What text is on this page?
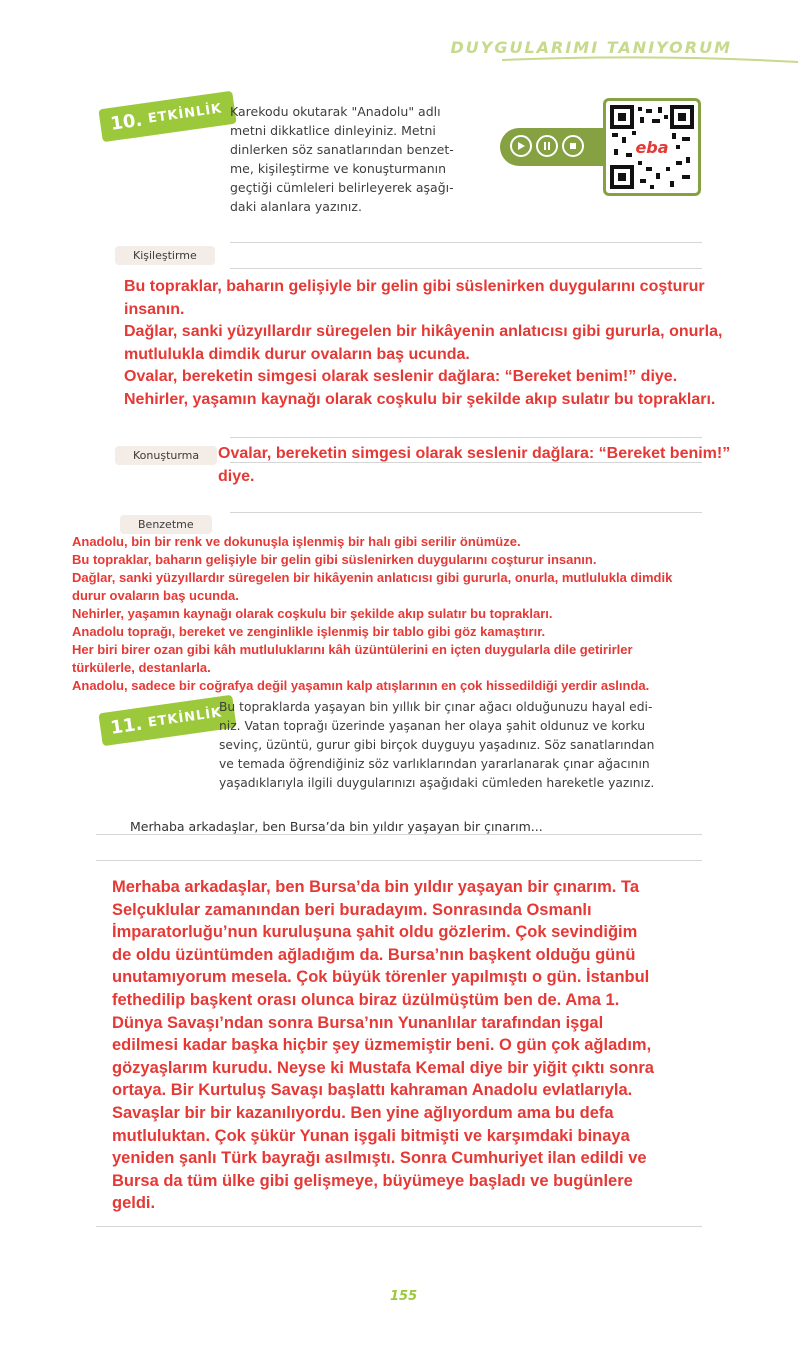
DUYGULARIMI TANIYORUM
10. ETKİNLİK Karekodu okutarak "Anadolu" adlı
metni dikkatlice dinleyiniz. Metni
dinlerken söz sanatlarından benzet-
me, kişileştirme ve konuşturmanın
geçtiği cümleleri belirleyerek aşağı-
daki alanlara yazınız.
eba
Kişileştirme
Bu topraklar, baharın gelişiyle bir gelin gibi süslenirken duygularını coşturur
insanın.
Dağlar, sanki yüzyıllardır süregelen bir hikâyenin anlatıcısı gibi gururla, onurla,
mutlulukla dimdik durur ovaların baş ucunda.
Ovalar, bereketin simgesi olarak seslenir dağlara: “Bereket benim!” diye.
Nehirler, yaşamın kaynağı olarak coşkulu bir şekilde akıp sulatır bu toprakları.
Konuşturma	Ovalar, bereketin simgesi olarak seslenir dağlara: “Bereket benim!”
diye.
Benzetme
Anadolu, bin bir renk ve dokunuşla işlenmiş bir halı gibi serilir önümüze.
Bu topraklar, baharın gelişiyle bir gelin gibi süslenirken duygularını coşturur insanın.
Dağlar, sanki yüzyıllardır süregelen bir hikâyenin anlatıcısı gibi gururla, onurla, mutlulukla dimdik
durur ovaların baş ucunda.
Nehirler, yaşamın kaynağı olarak coşkulu bir şekilde akıp sulatır bu toprakları.
Anadolu toprağı, bereket ve zenginlikle işlenmiş bir tablo gibi göz kamaştırır.
Her biri birer ozan gibi kâh mutluluklarını kâh üzüntülerini en içten duygularla dile getirirler
türkülerle, destanlarla.
Anadolu, sadece bir coğrafya değil yaşamın kalp atışlarının en çok hissedildiği yerdir aslında.
11. ETKİNLİK
Bu topraklarda yaşayan bin yıllık bir çınar ağacı olduğunuzu hayal edi-
niz. Vatan toprağı üzerinde yaşanan her olaya şahit oldunuz ve korku
sevinç, üzüntü, gurur gibi birçok duyguyu yaşadınız. Söz sanatlarından
ve temada öğrendiğiniz söz varlıklarından yararlanarak çınar ağacının
yaşadıklarıyla ilgili duygularınızı aşağıdaki cümleden hareketle yazınız.
Merhaba arkadaşlar, ben Bursa’da bin yıldır yaşayan bir çınarım...
Merhaba arkadaşlar, ben Bursa’da bin yıldır yaşayan bir çınarım. Ta
Selçuklular zamanından beri buradayım. Sonrasında Osmanlı
İmparatorluğu’nun kuruluşuna şahit oldu gözlerim. Çok sevindiğim
de oldu üzüntümden ağladığım da. Bursa’nın başkent olduğu günü
unutamıyorum mesela. Çok büyük törenler yapılmıştı o gün. İstanbul
fethedilip başkent orası olunca biraz üzülmüştüm ben de. Ama 1.
Dünya Savaşı’ndan sonra Bursa’nın Yunanlılar tarafından işgal
edilmesi kadar başka hiçbir şey üzmemiştir beni. O gün çok ağladım,
gözyaşlarım kurudu. Neyse ki Mustafa Kemal diye bir yiğit çıktı sonra
ortaya. Bir Kurtuluş Savaşı başlattı kahraman Anadolu evlatlarıyla.
Savaşlar bir bir kazanılıyordu. Ben yine ağlıyordum ama bu defa
mutluluktan. Çok şükür Yunan işgali bitmişti ve karşımdaki binaya
yeniden şanlı Türk bayrağı asılmıştı. Sonra Cumhuriyet ilan edildi ve
Bursa da tüm ülke gibi gelişmeye, büyümeye başladı ve bugünlere
geldi.
155
